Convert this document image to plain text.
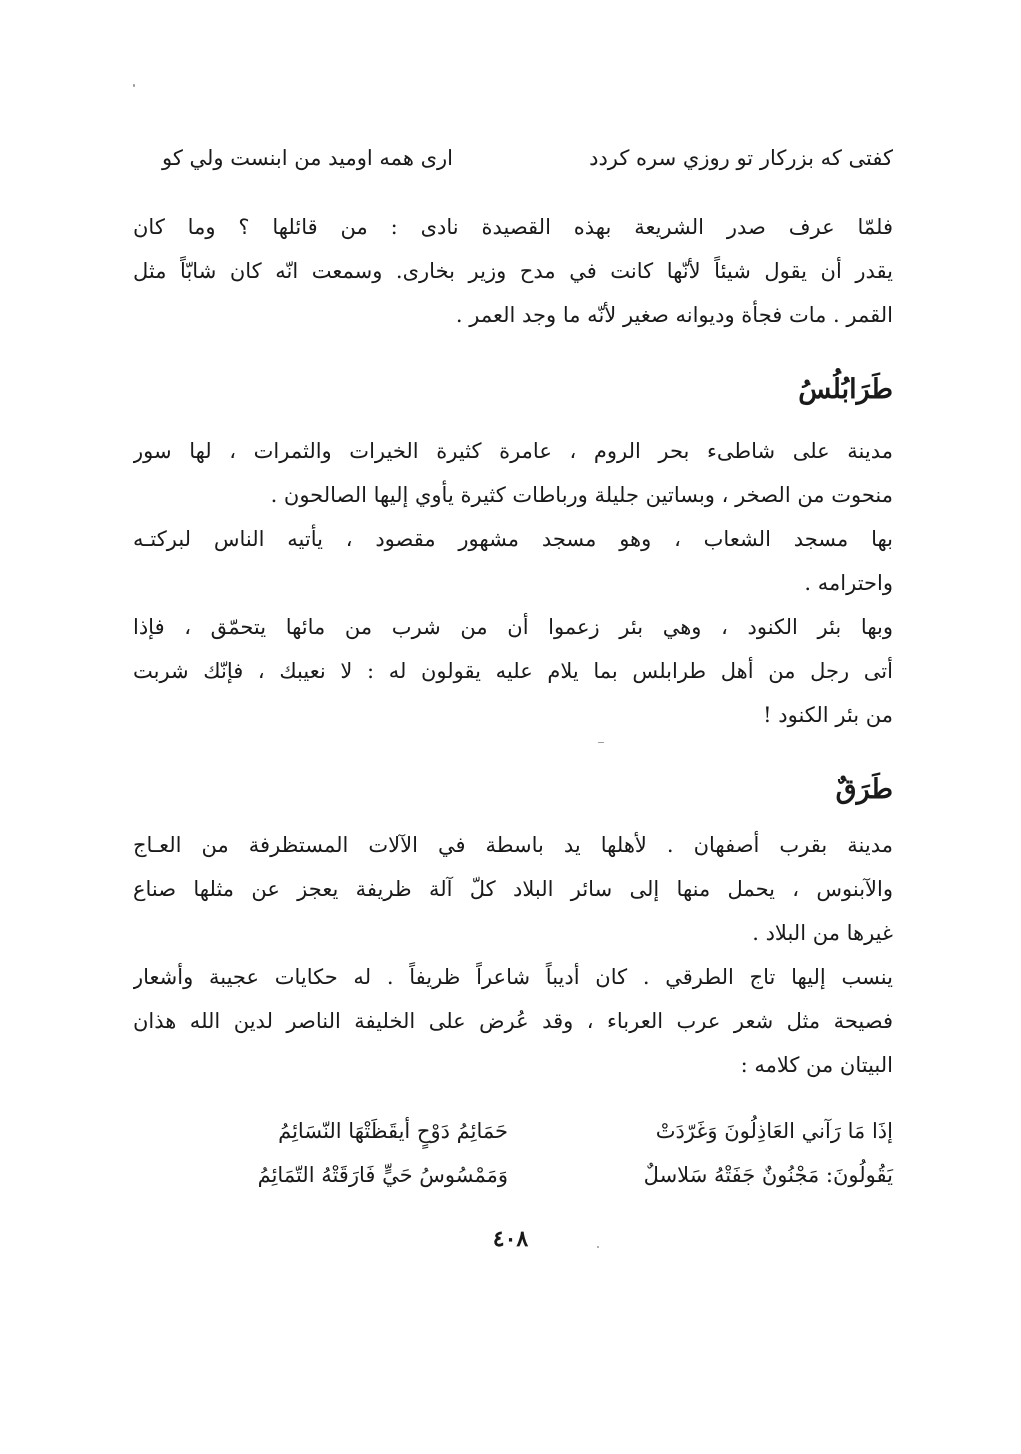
كفتى كه بزركار تو روزي سره كردد
ارى همه اوميد من ابنست ولي كو
فلمّا عرف صدر الشريعة بهذه القصيدة نادى : من قائلها ؟ وما كان
يقدر أن يقول شيئاً لأنّها كانت في مدح وزير بخارى. وسمعت انّه كان شابّاً مثل
القمر . مات فجأة وديوانه صغير لأنّه ما وجد العمر .
طَرَابُلُسُ
مدينة على شاطىء بحر الروم ، عامرة كثيرة الخيرات والثمرات ، لها سور
منحوت من الصخر ، وبساتين جليلة ورباطات كثيرة يأوي إليها الصالحون .
بها مسجد الشعاب ، وهو مسجد مشهور مقصود ، يأتيه الناس لبركتـه
واحترامه .
وبها بئر الكنود ، وهي بئر زعموا أن من شرب من مائها يتحمّق ، فإذا
أتى رجل من أهل طرابلس بما يلام عليه يقولون له : لا نعيبك ، فإنّك شربت
من بئر الكنود !
طَرَقٌ
مدينة بقرب أصفهان . لأهلها يد باسطة في الآلات المستظرفة من العـاج
والآبنوس ، يحمل منها إلى سائر البلاد كلّ آلة ظريفة يعجز عن مثلها صناع
غيرها من البلاد .
ينسب إليها تاج الطرقي . كان أديباً شاعراً ظريفاً . له حكايات عجيبة وأشعار
فصيحة مثل شعر عرب العرباء ، وقد عُرض على الخليفة الناصر لدين الله هذان
البيتان من كلامه :
إذَا مَا رَآني العَاذِلُونَ وَغَرّدَتْ
حَمَائِمُ دَوْحٍ أيقَظَتْهَا النّسَائِمُ
يَقُولُونَ: مَجْنُونٌ جَفَتْهُ سَلاسلٌ
وَمَمْسُوسُ حَيٍّ فَارَقَتْهُ التّمَائِمُ
٤٠٨
